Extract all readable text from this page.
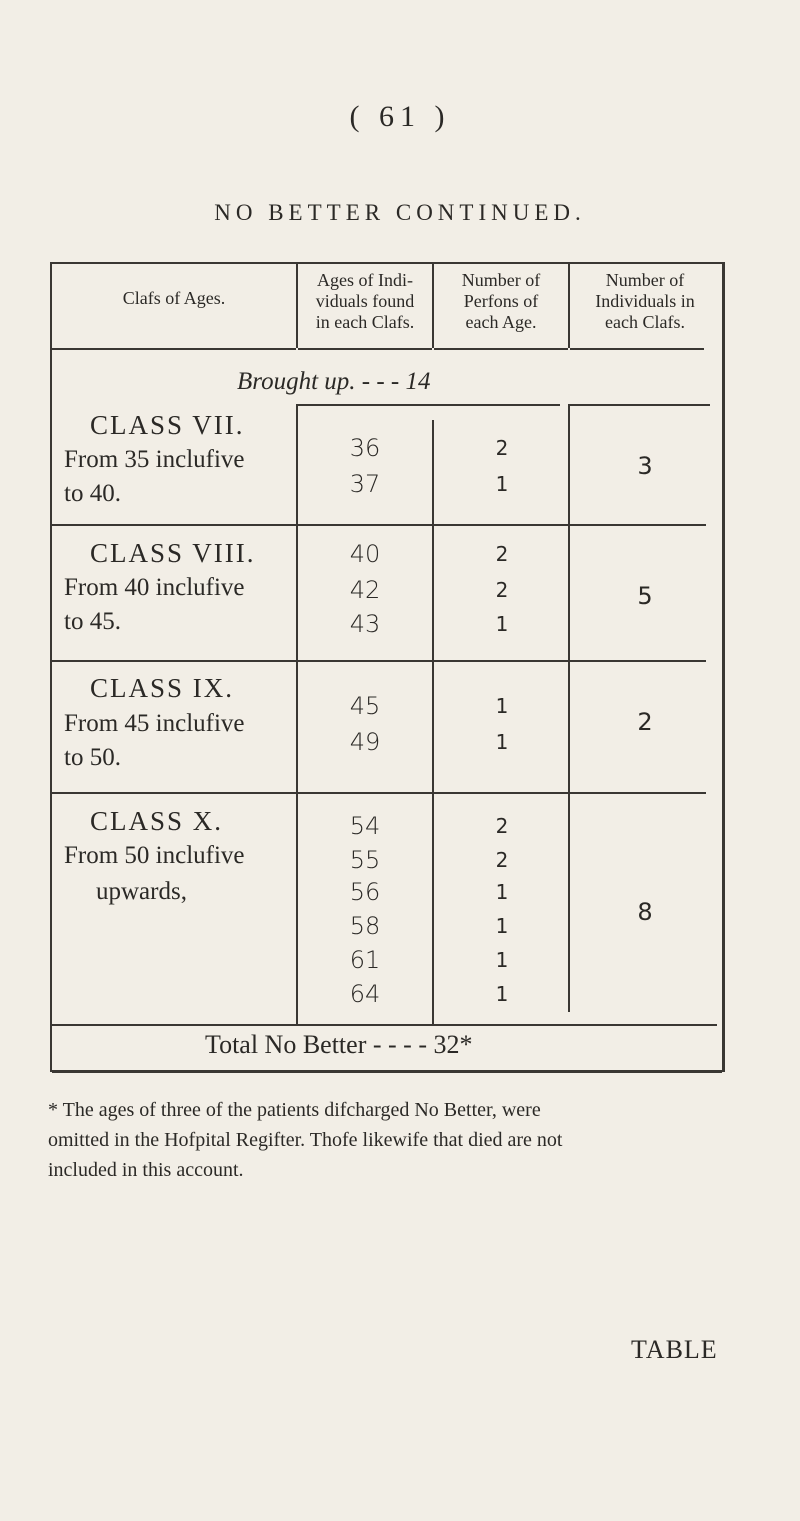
( 61 )
NO BETTER CONTINUED.
Clafs of Ages.
Ages of Indi-
viduals found
in each Clafs.
Number of
Perfons of
each Age.
Number of
Individuals in
each Clafs.
Brought up. - - - 14
CLASS VII.
From 35 inclufive
to 40.
36
37
2
1
3
CLASS VIII.
From 40 inclufive
to 45.
40
42
43
2
2
1
5
CLASS IX.
From 45 inclufive
to 50.
45
49
1
1
2
CLASS X.
From 50 inclufive
upwards,
54
55
56
58
61
64
2
2
1
1
1
1
8
Total No Better - - - - 32*
* The ages of three of the patients difcharged No Better, were
omitted in the Hofpital Regifter. Thofe likewife that died are not
included in this account.
TABLE
